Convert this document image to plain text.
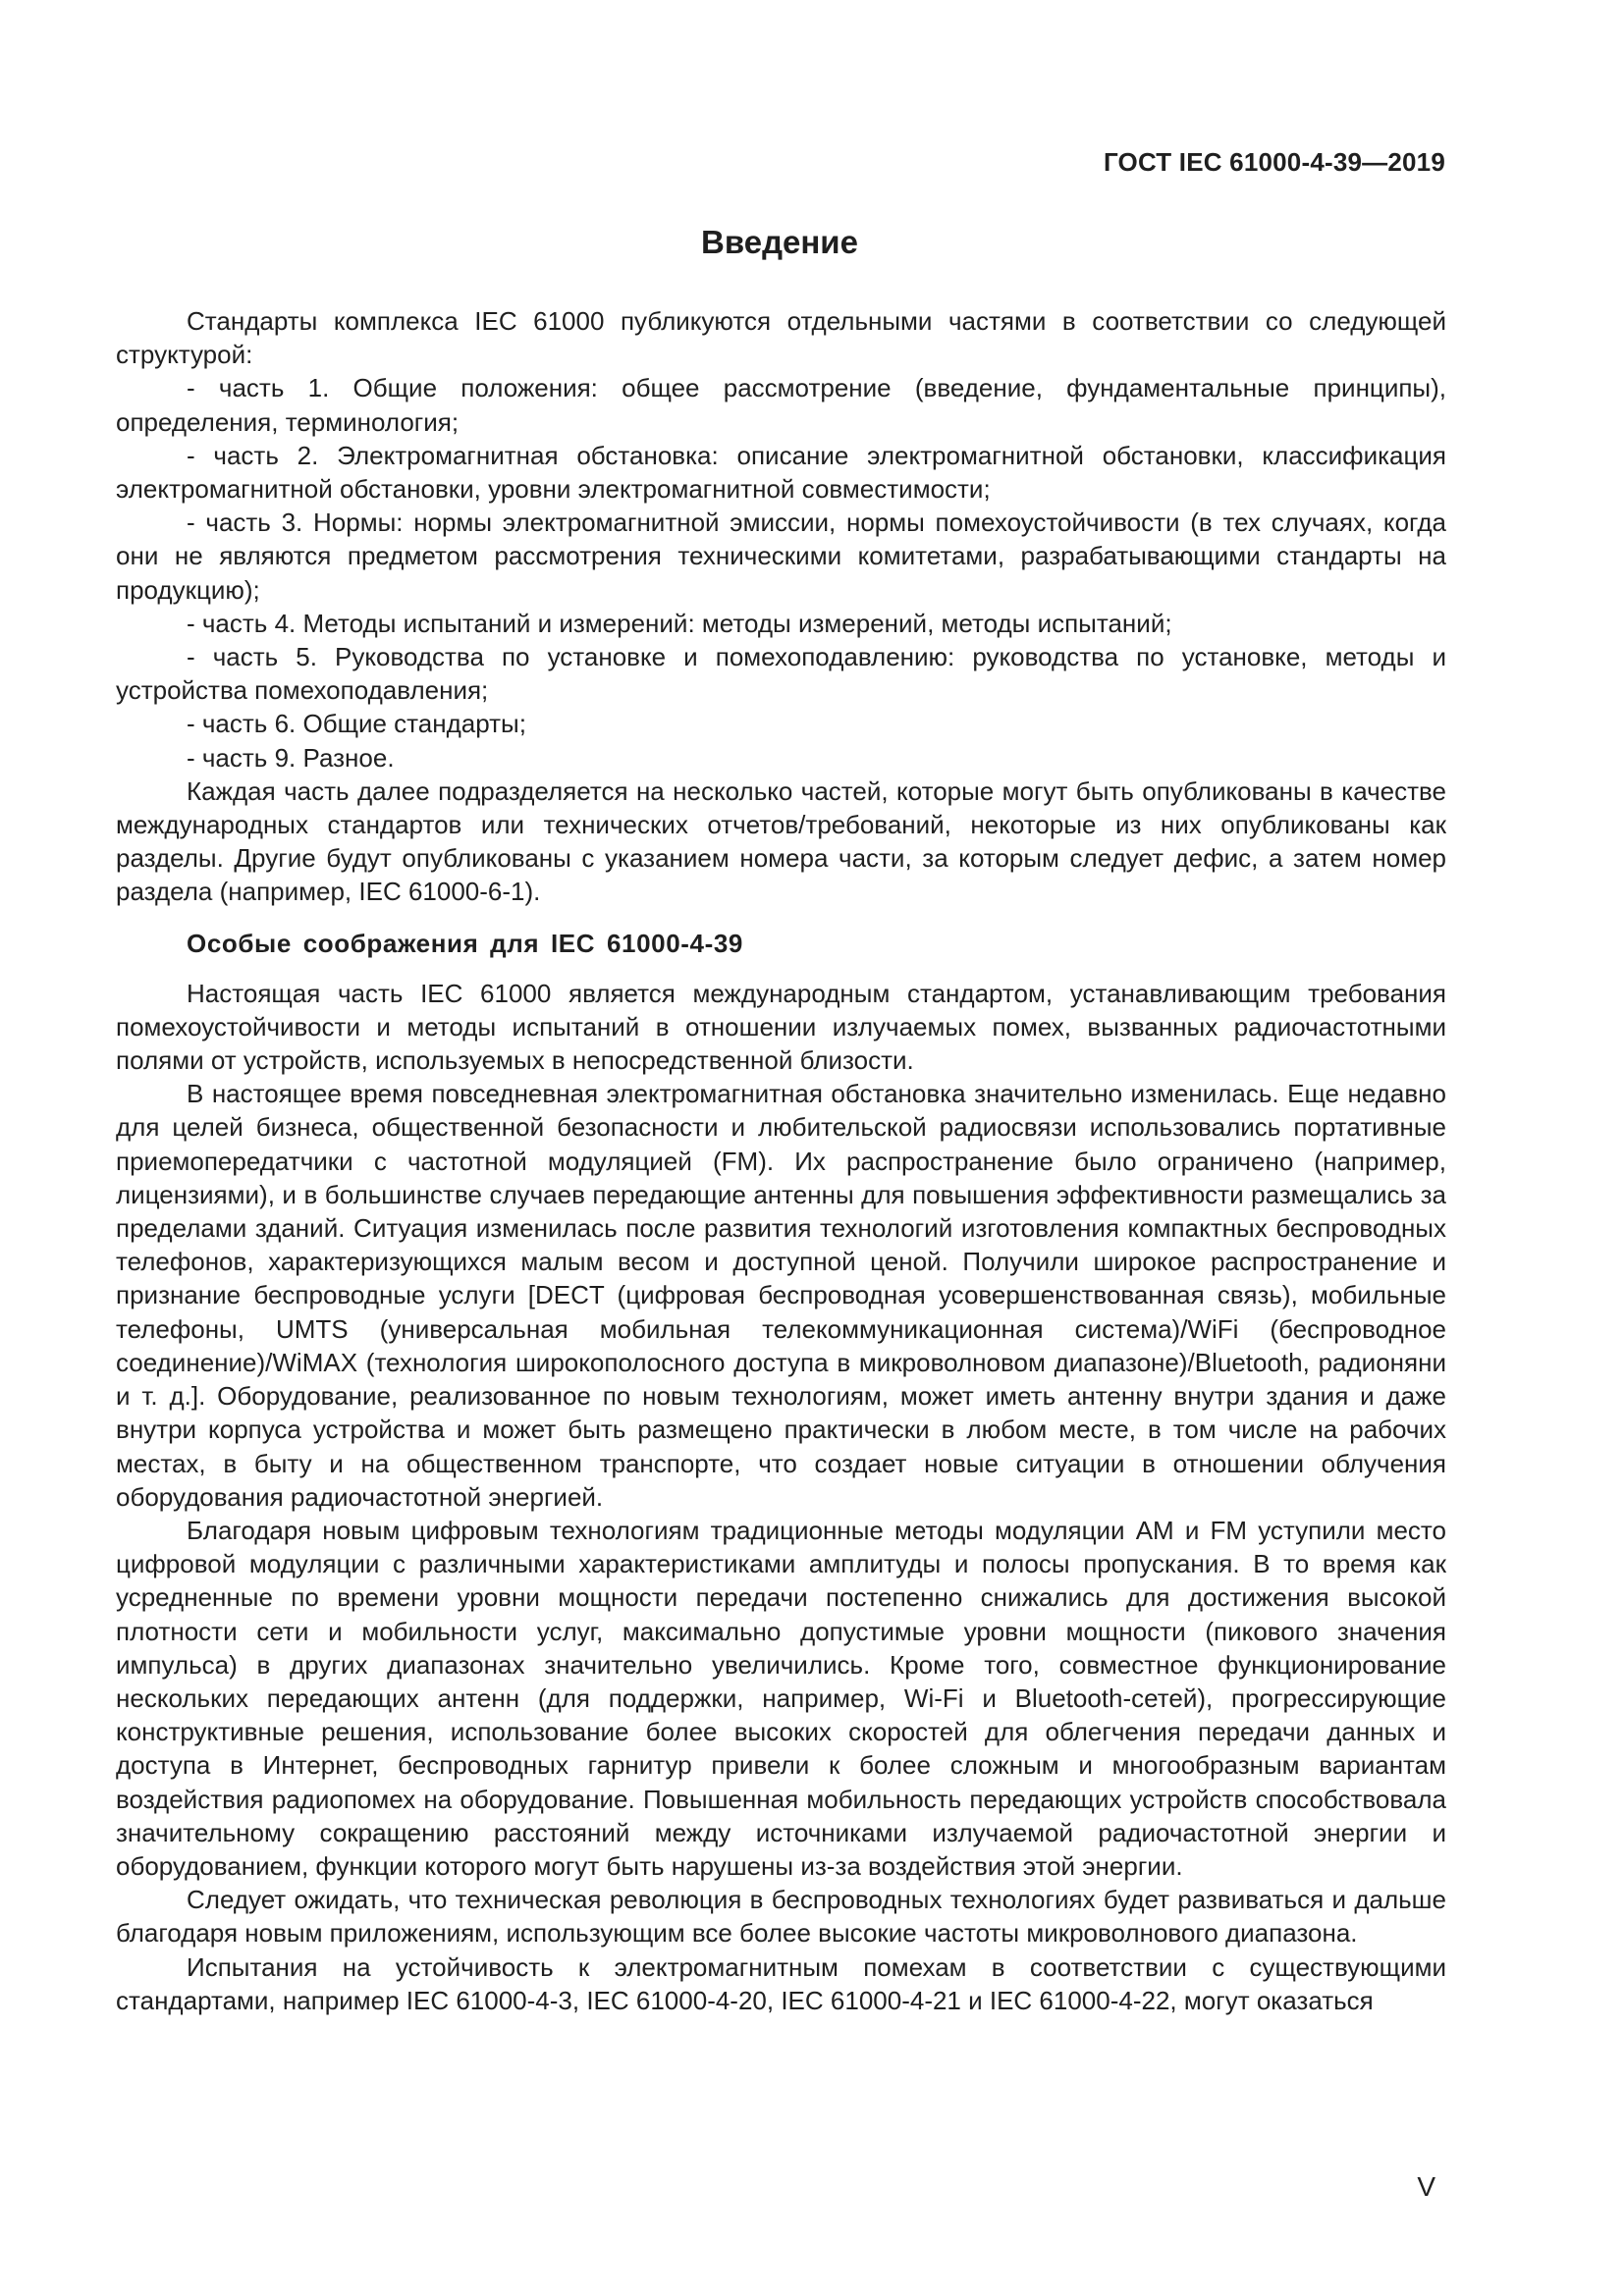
ГОСТ IEC 61000-4-39—2019
Введение

Стандарты комплекса IEC 61000 публикуются отдельными частями в соответствии со следующей структурой:

- часть 1. Общие положения: общее рассмотрение (введение, фундаментальные принципы), определения, терминология;

- часть 2. Электромагнитная обстановка: описание электромагнитной обстановки, классификация электромагнитной обстановки, уровни электромагнитной совместимости;

- часть 3. Нормы: нормы электромагнитной эмиссии, нормы помехоустойчивости (в тех случаях, когда они не являются предметом рассмотрения техническими комитетами, разрабатывающими стандарты на продукцию);

- часть 4. Методы испытаний и измерений: методы измерений, методы испытаний;

- часть 5. Руководства по установке и помехоподавлению: руководства по установке, методы и устройства помехоподавления;

- часть 6. Общие стандарты;

- часть 9. Разное.

Каждая часть далее подразделяется на несколько частей, которые могут быть опубликованы в качестве международных стандартов или технических отчетов/требований, некоторые из них опубликованы как разделы. Другие будут опубликованы с указанием номера части, за которым следует дефис, а затем номер раздела (например, IEC 61000-6-1).

Особые соображения для IEC 61000-4-39

Настоящая часть IEC 61000 является международным стандартом, устанавливающим требования помехоустойчивости и методы испытаний в отношении излучаемых помех, вызванных радиочастотными полями от устройств, используемых в непосредственной близости.

В настоящее время повседневная электромагнитная обстановка значительно изменилась. Еще недавно для целей бизнеса, общественной безопасности и любительской радиосвязи использовались портативные приемопередатчики с частотной модуляцией (FM). Их распространение было ограничено (например, лицензиями), и в большинстве случаев передающие антенны для повышения эффективности размещались за пределами зданий. Ситуация изменилась после развития технологий изготовления компактных беспроводных телефонов, характеризующихся малым весом и доступной ценой. Получили широкое распространение и признание беспроводные услуги [DECT (цифровая беспроводная усовершенствованная связь), мобильные телефоны, UMTS (универсальная мобильная телекоммуникационная система)/WiFi (беспроводное соединение)/WiMAX (технология широкополосного доступа в микроволновом диапазоне)/Bluetooth, радионяни и т. д.]. Оборудование, реализованное по новым технологиям, может иметь антенну внутри здания и даже внутри корпуса устройства и может быть размещено практически в любом месте, в том числе на рабочих местах, в быту и на общественном транспорте, что создает новые ситуации в отношении облучения оборудования радиочастотной энергией.

Благодаря новым цифровым технологиям традиционные методы модуляции AM и FM уступили место цифровой модуляции с различными характеристиками амплитуды и полосы пропускания. В то время как усредненные по времени уровни мощности передачи постепенно снижались для достижения высокой плотности сети и мобильности услуг, максимально допустимые уровни мощности (пикового значения импульса) в других диапазонах значительно увеличились. Кроме того, совместное функционирование нескольких передающих антенн (для поддержки, например, Wi-Fi и Bluetooth-сетей), прогрессирующие конструктивные решения, использование более высоких скоростей для облегчения передачи данных и доступа в Интернет, беспроводных гарнитур привели к более сложным и многообразным вариантам воздействия радиопомех на оборудование. Повышенная мобильность передающих устройств способствовала значительному сокращению расстояний между источниками излучаемой радиочастотной энергии и оборудованием, функции которого могут быть нарушены из-за воздействия этой энергии.

Следует ожидать, что техническая революция в беспроводных технологиях будет развиваться и дальше благодаря новым приложениям, использующим все более высокие частоты микроволнового диапазона.

Испытания на устойчивость к электромагнитным помехам в соответствии с существующими стандартами, например IEC 61000-4-3, IEC 61000-4-20, IEC 61000-4-21 и IEC 61000-4-22, могут оказаться

V
